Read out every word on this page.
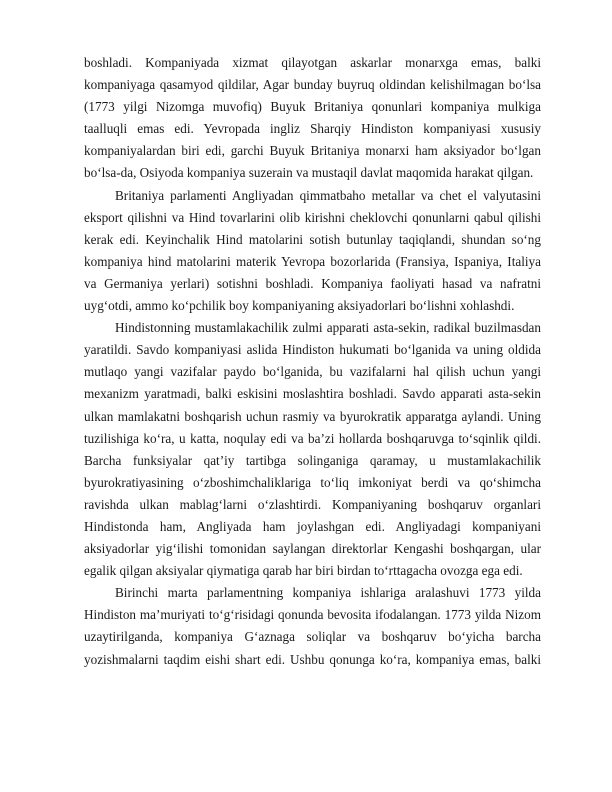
boshladi. Kompaniyada xizmat qilayotgan askarlar monarxga emas, balki
kompaniyaga qasamyod qildilar, Agar bunday buyruq oldindan kelishilmagan bo‘lsa
(1773 yilgi Nizomga muvofiq) Buyuk Britaniya qonunlari kompaniya mulkiga
taalluqli emas edi. Yevropada ingliz Sharqiy Hindiston kompaniyasi xususiy
kompaniyalardan biri edi, garchi Buyuk Britaniya monarxi ham aksiyador bo‘lgan
bo‘lsa-da, Osiyoda kompaniya suzerain va mustaqil davlat maqomida harakat qilgan.
Britaniya parlamenti Angliyadan qimmatbaho metallar va chet el valyutasini
eksport qilishni va Hind tovarlarini olib kirishni cheklovchi qonunlarni qabul qilishi
kerak edi. Keyinchalik Hind matolarini sotish butunlay taqiqlandi, shundan so‘ng
kompaniya hind matolarini materik Yevropa bozorlarida (Fransiya, Ispaniya, Italiya
va Germaniya yerlari) sotishni boshladi. Kompaniya faoliyati hasad va nafratni
uyg‘otdi, ammo ko‘pchilik boy kompaniyaning aksiyadorlari bo‘lishni xohlashdi.
Hindistonning mustamlakachilik zulmi apparati asta-sekin, radikal buzilmasdan
yaratildi. Savdo kompaniyasi aslida Hindiston hukumati bo‘lganida va uning oldida
mutlaqo yangi vazifalar paydo bo‘lganida, bu vazifalarni hal qilish uchun yangi
mexanizm yaratmadi, balki eskisini moslashtira boshladi. Savdo apparati asta-sekin
ulkan mamlakatni boshqarish uchun rasmiy va byurokratik apparatga aylandi. Uning
tuzilishiga ko‘ra, u katta, noqulay edi va ba’zi hollarda boshqaruvga to‘sqinlik qildi.
Barcha funksiyalar qat’iy tartibga solinganiga qaramay, u mustamlakachilik
byurokratiyasining o‘zboshimchaliklariga to‘liq imkoniyat berdi va qo‘shimcha
ravishda ulkan mablag‘larni o‘zlashtirdi. Kompaniyaning boshqaruv organlari
Hindistonda ham, Angliyada ham joylashgan edi. Angliyadagi kompaniyani
aksiyadorlar yig‘ilishi tomonidan saylangan direktorlar Kengashi boshqargan, ular
egalik qilgan aksiyalar qiymatiga qarab har biri birdan to‘rttagacha ovozga ega edi.
Birinchi marta parlamentning kompaniya ishlariga aralashuvi 1773 yilda
Hindiston ma’muriyati to‘g‘risidagi qonunda bevosita ifodalangan. 1773 yilda Nizom
uzaytirilganda, kompaniya G‘aznaga soliqlar va boshqaruv bo‘yicha barcha
yozishmalarni taqdim eishi shart edi. Ushbu qonunga ko‘ra, kompaniya emas, balki
